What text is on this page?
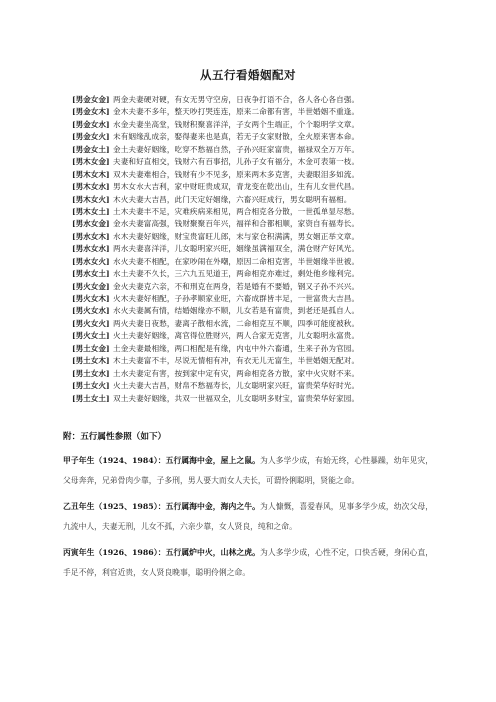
从五行看婚姻配对
[男金女金] 两金夫妻硬对硬，有女无男守空房，日夜争打语不合，各人各心各自强。
[男金女木] 金木夫妻不多年，整天吵打哭连连，原来二命都有害，半世婚姻不重逢。
[男金女水] 水金夫妻坐高堂，钱财积聚喜洋洋，子女两个生端正，个个聪明学文章。
[男金女火] 未有姻缘乱成亲，娶得妻来也是真，若无子女家财散，全火原来害本命。
[男金女土] 金土夫妻好姻缘，吃穿不愁福自然，子孙兴旺家富贵，福禄双全万万年。
[男木女金] 夫妻和好直相交，钱财六有百事招，儿孙子女有福分，木金可表第一枝。
[男木女木] 双木夫妻难相合，钱财有少不见多，原来两木多克害，夫妻眼泪多如流。
[男木女水] 男木女水大吉利，家中财旺贵成双，青龙变在乾出山，生有儿女世代昌。
[男木女火] 木火夫妻大吉昌，此门天定好姻缘，六畜兴旺成行，男女聪明有福相。
[男木女土] 土木夫妻丰不足，灾难疾病来相见，两合相克各分散，一世孤单显尽愁。
[男水女金] 金水夫妻富高强，钱财聚聚百年兴，福祥和合都相顺，家资自有福寿长。
[男水女木] 水木夫妻好姻缘，财宝贵富旺儿郎，末与家仓积满满，男女姻正举文章。
[男水女水] 两水夫妻喜洋洋，儿女聪明家兴旺，姻缘虽满福双全，满仓财产好风光。
[男水女火] 水火夫妻不相配，在家吵闹在外嘲，原因二命相克害，半世姻缘半世被。
[男水女土] 水土夫妻不久长，三六九五见道王，两命相克亦难过，剩处他乡缘利完。
[男火女金] 金火夫妻克六亲，不和刑克在两身，若是婚有不要婚，钢又子孙不兴兴。
[男火女木] 火木夫妻好相配，子孙孝顺家业旺，六畜成群皆丰足，一世富贵大吉昌。
[男火女水] 水火夫妻属有情，结婚姻缘亦不顺，儿女若是有富贵，到老还是孤自人。
[男火女火] 两火夫妻日夜愁，妻离子散相水流，二命相克互不顺，四季可能度被秋。
[男火女土] 火土夫妻好姻缘，离官得位胜财兴，两人合家无克害，儿女聪明永富贵。
[男土女金] 土金夫妻最相缘，两口相配是有缘，内屯中外六畜通，生来子孙为官园。
[男土女木] 木土夫妻富不丰，尽说无情相有冲，有衣无儿无富生，半世婚姻无配对。
[男土女水] 土水夫妻定有害，按到家中定有灾，两命相克各方散，家中火灾财不来。
[男土女火] 火土夫妻大吉昌，财帛不愁福寿长，儿女聪明家兴旺，富贵荣华好时光。
[男土女土] 双土夫妻好姻缘，共双一世福双全，儿女聪明多财宝，富贵荣华好家园。
附：五行属性参照（如下）
甲子年生（1924、1984）：五行属海中金，屋上之鼠。为人多学少成，有始无终，心性暴躁，幼年见灾，父母奔奔，兄弟骨肉少靠，子多刑，男人要大而女人夫长，可谓怜俐聪明，贤能之命。
乙丑年生（1925、1985）：五行属海中金，海内之牛。为人慷慨，喜爱春风，见事多学少成，幼次父母，九流中人，夫妻无刑，儿女不孤，六亲少靠，女人贤良，纯和之命。
丙寅年生（1926、1986）：五行属炉中火，山林之虎。为人多学少成，心性不定，口快舌硬，身闲心直，手足不停，利官近贵，女人贤良晚事，聪明伶俐之命。
